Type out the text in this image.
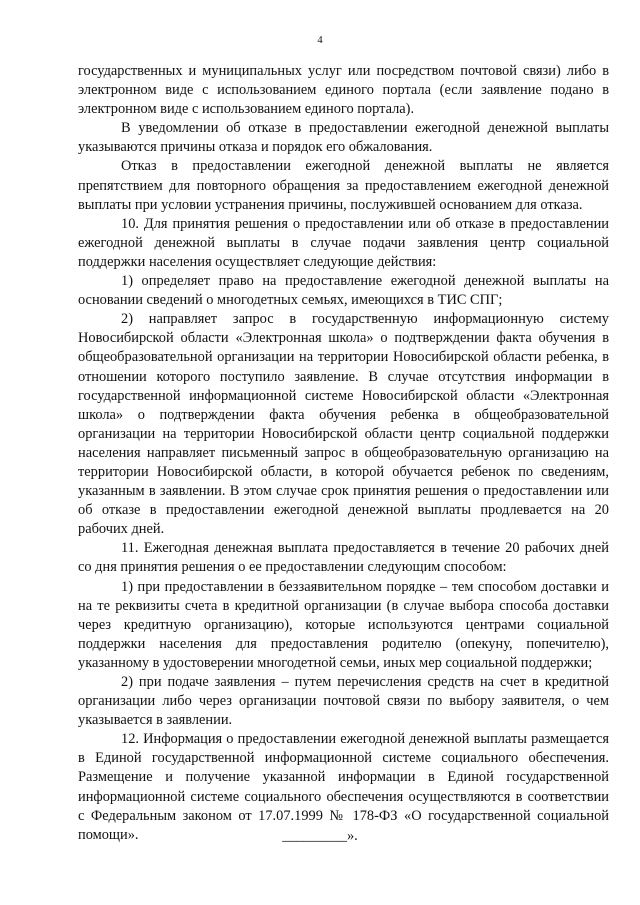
4

государственных и муниципальных услуг или посредством почтовой связи) либо в электронном виде с использованием единого портала (если заявление подано в электронном виде с использованием единого портала).

В уведомлении об отказе в предоставлении ежегодной денежной выплаты указываются причины отказа и порядок его обжалования.

Отказ в предоставлении ежегодной денежной выплаты не является препятствием для повторного обращения за предоставлением ежегодной денежной выплаты при условии устранения причины, послужившей основанием для отказа.

10. Для принятия решения о предоставлении или об отказе в предоставлении ежегодной денежной выплаты в случае подачи заявления центр социальной поддержки населения осуществляет следующие действия:

1) определяет право на предоставление ежегодной денежной выплаты на основании сведений о многодетных семьях, имеющихся в ТИС СПГ;

2) направляет запрос в государственную информационную систему Новосибирской области «Электронная школа» о подтверждении факта обучения в общеобразовательной организации на территории Новосибирской области ребенка, в отношении которого поступило заявление. В случае отсутствия информации в государственной информационной системе Новосибирской области «Электронная школа» о подтверждении факта обучения ребенка в общеобразовательной организации на территории Новосибирской области центр социальной поддержки населения направляет письменный запрос в общеобразовательную организацию на территории Новосибирской области, в которой обучается ребенок по сведениям, указанным в заявлении. В этом случае срок принятия решения о предоставлении или об отказе в предоставлении ежегодной денежной выплаты продлевается на 20 рабочих дней.

11. Ежегодная денежная выплата предоставляется в течение 20 рабочих дней со дня принятия решения о ее предоставлении следующим способом:

1) при предоставлении в беззаявительном порядке – тем способом доставки и на те реквизиты счета в кредитной организации (в случае выбора способа доставки через кредитную организацию), которые используются центрами социальной поддержки населения для предоставления родителю (опекуну, попечителю), указанному в удостоверении многодетной семьи, иных мер социальной поддержки;

2) при подаче заявления – путем перечисления средств на счет в кредитной организации либо через организации почтовой связи по выбору заявителя, о чем указывается в заявлении.

12. Информация о предоставлении ежегодной денежной выплаты размещается в Единой государственной информационной системе социального обеспечения. Размещение и получение указанной информации в Единой государственной информационной системе социального обеспечения осуществляются в соответствии с Федеральным законом от 17.07.1999 № 178-ФЗ «О государственной социальной помощи».	_________».
